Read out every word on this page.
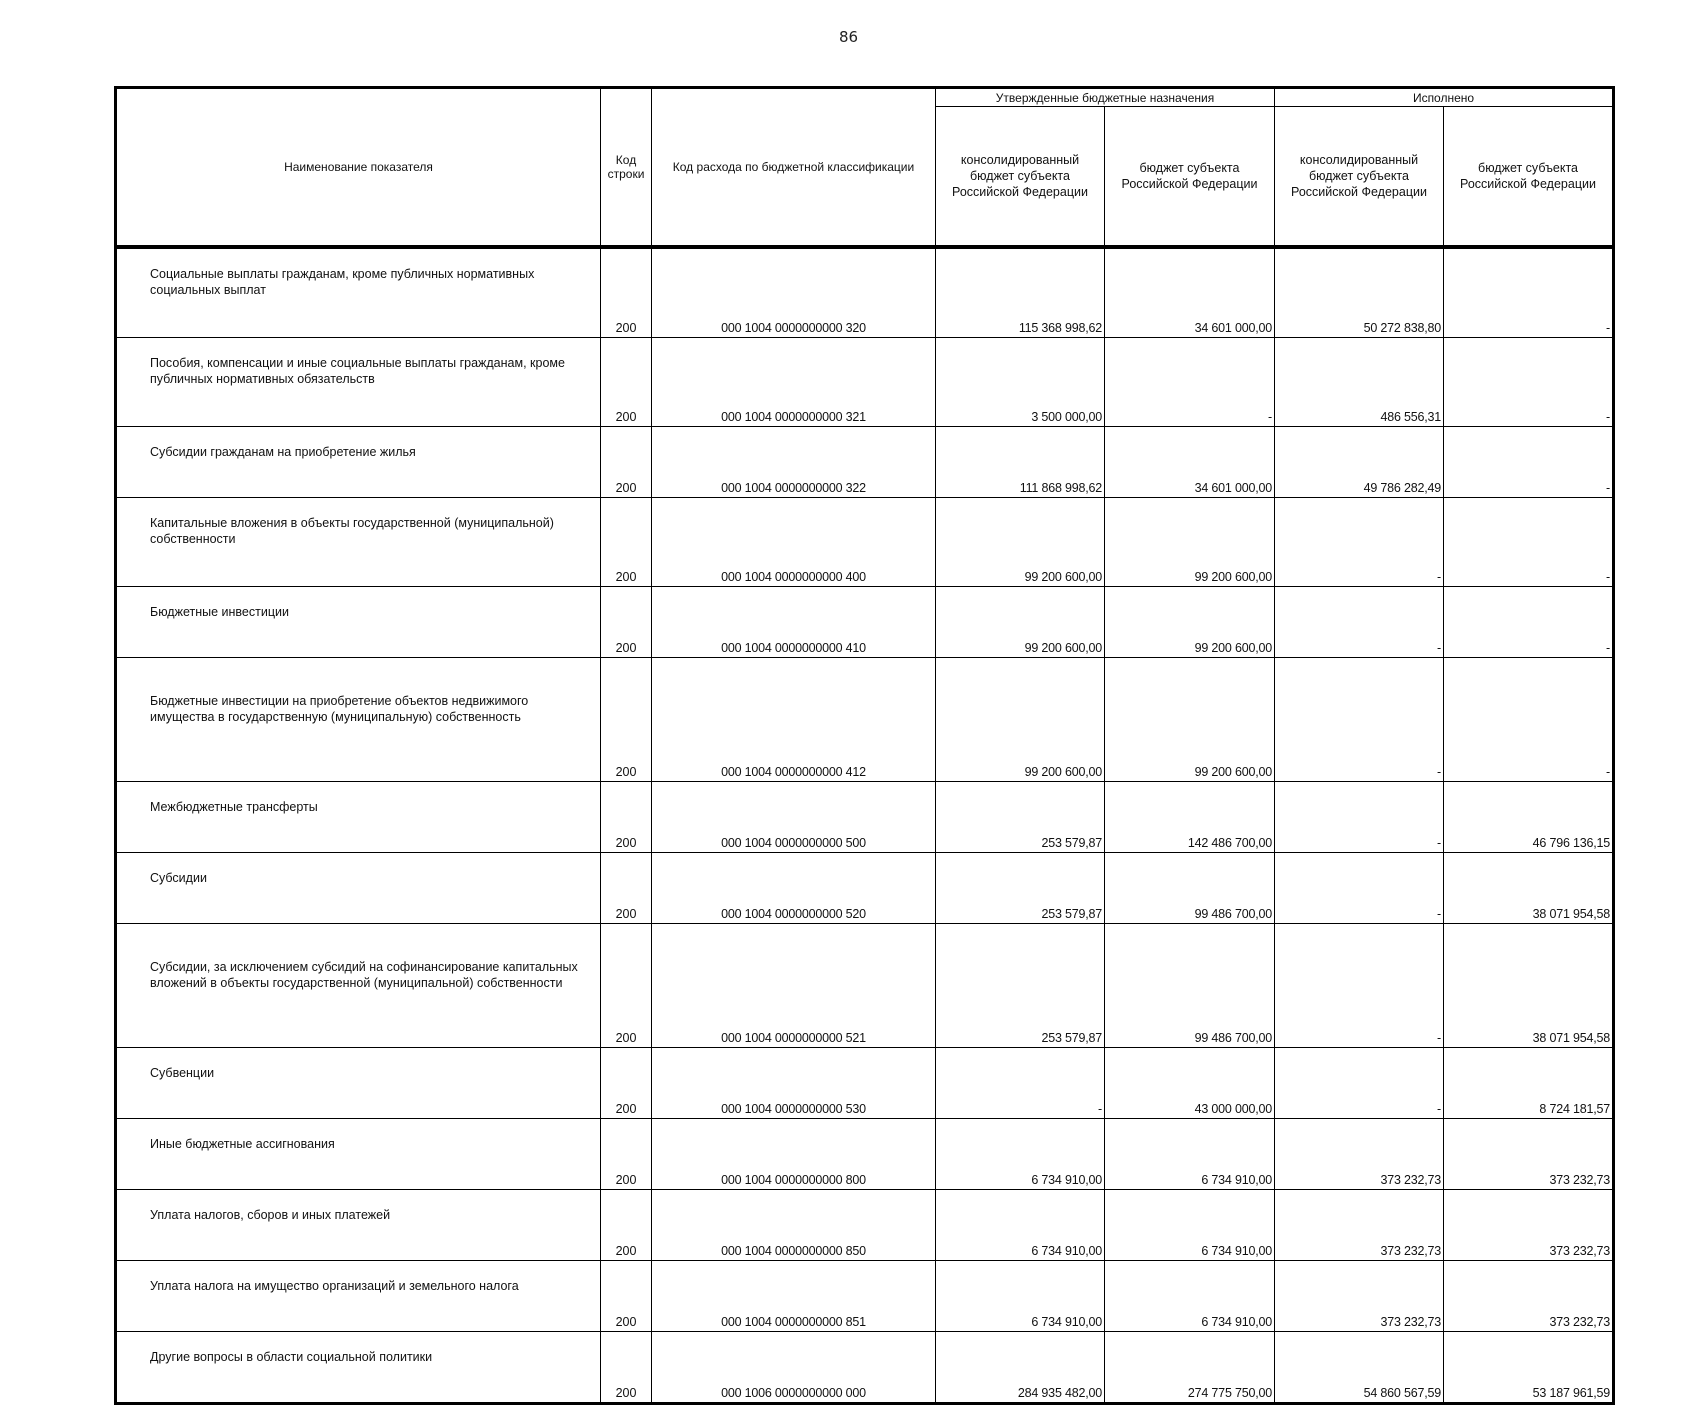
86
Наименование показателя	Код строки	Код расхода по бюджетной классификации	Утвержденные бюджетные назначения		Исполнено	
			консолидированный бюджет субъекта Российской Федерации	бюджет субъекта Российской Федерации	консолидированный бюджет субъекта Российской Федерации	бюджет субъекта Российской Федерации
Социальные выплаты гражданам, кроме публичных нормативных социальных выплат	200	000 1004 0000000000 320	115 368 998,62	34 601 000,00	50 272 838,80	-
Пособия, компенсации и иные социальные выплаты гражданам, кроме публичных нормативных обязательств	200	000 1004 0000000000 321	3 500 000,00	-	486 556,31	-
Субсидии гражданам на приобретение жилья	200	000 1004 0000000000 322	111 868 998,62	34 601 000,00	49 786 282,49	-
Капитальные вложения в объекты государственной (муниципальной) собственности	200	000 1004 0000000000 400	99 200 600,00	99 200 600,00	-	-
Бюджетные инвестиции	200	000 1004 0000000000 410	99 200 600,00	99 200 600,00	-	-
Бюджетные инвестиции на приобретение объектов недвижимого имущества в государственную (муниципальную) собственность	200	000 1004 0000000000 412	99 200 600,00	99 200 600,00	-	-
Межбюджетные трансферты	200	000 1004 0000000000 500	253 579,87	142 486 700,00	-	46 796 136,15
Субсидии	200	000 1004 0000000000 520	253 579,87	99 486 700,00	-	38 071 954,58
Субсидии, за исключением субсидий на софинансирование капитальных вложений в объекты государственной (муниципальной) собственности	200	000 1004 0000000000 521	253 579,87	99 486 700,00	-	38 071 954,58
Субвенции	200	000 1004 0000000000 530	-	43 000 000,00	-	8 724 181,57
Иные бюджетные ассигнования	200	000 1004 0000000000 800	6 734 910,00	6 734 910,00	373 232,73	373 232,73
Уплата налогов, сборов и иных платежей	200	000 1004 0000000000 850	6 734 910,00	6 734 910,00	373 232,73	373 232,73
Уплата налога на имущество организаций и земельного налога	200	000 1004 0000000000 851	6 734 910,00	6 734 910,00	373 232,73	373 232,73
Другие вопросы в области социальной политики	200	000 1006 0000000000 000	284 935 482,00	274 775 750,00	54 860 567,59	53 187 961,59
